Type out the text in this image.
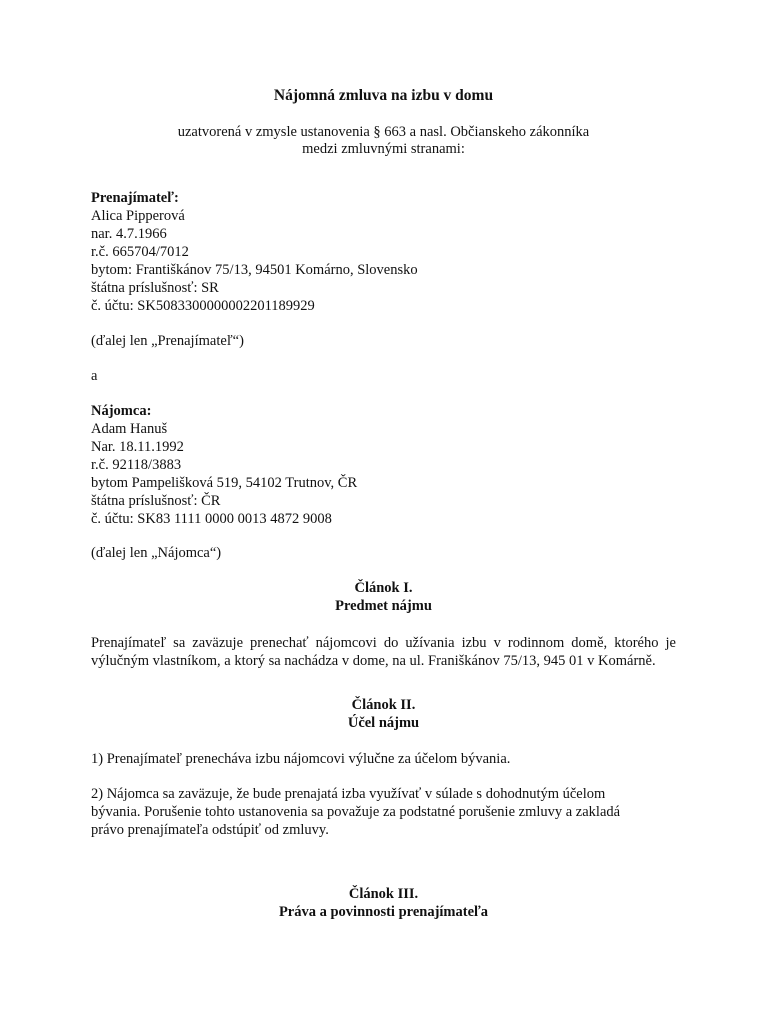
Nájomná zmluva na izbu v domu
uzatvorená v zmysle ustanovenia § 663 a nasl. Občianskeho zákonníka
medzi zmluvnými stranami:
Prenajímateľ:
Alica Pipperová
nar. 4.7.1966
r.č. 665704/7012
bytom: Františkánov 75/13, 94501 Komárno, Slovensko
štátna príslušnosť: SR
č. účtu: SK5083300000002201189929
(ďalej len „Prenajímateľ“)
a
Nájomca:
Adam Hanuš
Nar. 18.11.1992
r.č. 92118/3883
bytom Pampelišková 519, 54102 Trutnov, ČR
štátna príslušnosť: ČR
č. účtu: SK83 1111 0000 0013 4872 9008
(ďalej len „Nájomca“)
Článok I.
Predmet nájmu
Prenajímateľ sa zaväzuje prenechať nájomcovi do užívania izbu v rodinnom domě, ktorého je výlučným vlastníkom, a ktorý sa nachádza v dome, na ul. Franiškánov 75/13, 945 01 v Komárně.
Článok II.
Účel nájmu
1) Prenajímateľ prenecháva izbu nájomcovi výlučne za účelom bývania.
2) Nájomca sa zaväzuje, že bude prenajatá izba využívať v súlade s dohodnutým účelom
bývania. Porušenie tohto ustanovenia sa považuje za podstatné porušenie zmluvy a zakladá
právo prenajímateľa odstúpiť od zmluvy.
Článok III.
Práva a povinnosti prenajímateľa
